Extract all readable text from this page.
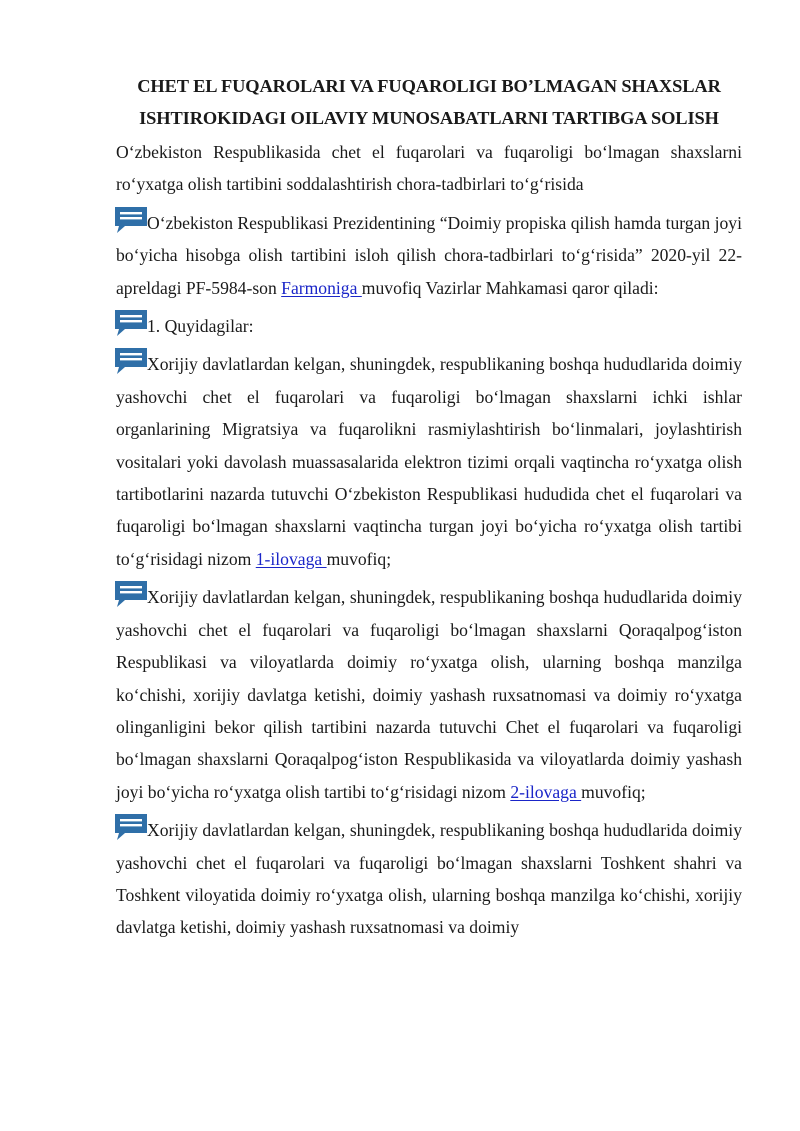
CHET EL FUQAROLARI VA FUQAROLIGI BO’LMAGAN SHAXSLAR
ISHTIROKIDAGI OILAVIY MUNOSABATLARNI TARTIBGA SOLISH

O‘zbekiston Respublikasida chet el fuqarolari va fuqaroligi bo‘lmagan shaxslarni ro‘yxatga olish tartibini soddalashtirish chora-tadbirlari to‘g‘risida

O‘zbekiston Respublikasi Prezidentining “Doimiy propiska qilish hamda turgan joyi bo‘yicha hisobga olish tartibini isloh qilish chora-tadbirlari to‘g‘risida” 2020-yil 22-apreldagi PF-5984-son Farmoniga muvofiq Vazirlar Mahkamasi qaror qiladi:

1. Quyidagilar:

Xorijiy davlatlardan kelgan, shuningdek, respublikaning boshqa hududlarida doimiy yashovchi chet el fuqarolari va fuqaroligi bo‘lmagan shaxslarni ichki ishlar organlarining Migratsiya va fuqarolikni rasmiylashtirish bo‘linmalari, joylashtirish vositalari yoki davolash muassasalarida elektron tizimi orqali vaqtincha ro‘yxatga olish tartibotlarini nazarda tutuvchi O‘zbekiston Respublikasi hududida chet el fuqarolari va fuqaroligi bo‘lmagan shaxslarni vaqtincha turgan joyi bo‘yicha ro‘yxatga olish tartibi to‘g‘risidagi nizom 1-ilovaga muvofiq;

Xorijiy davlatlardan kelgan, shuningdek, respublikaning boshqa hududlarida doimiy yashovchi chet el fuqarolari va fuqaroligi bo‘lmagan shaxslarni Qoraqalpog‘iston Respublikasi va viloyatlarda doimiy ro‘yxatga olish, ularning boshqa manzilga ko‘chishi, xorijiy davlatga ketishi, doimiy yashash ruxsatnomasi va doimiy ro‘yxatga olinganligini bekor qilish tartibini nazarda tutuvchi Chet el fuqarolari va fuqaroligi bo‘lmagan shaxslarni Qoraqalpog‘iston Respublikasida va viloyatlarda doimiy yashash joyi bo‘yicha ro‘yxatga olish tartibi to‘g‘risidagi nizom 2-ilovaga muvofiq;

Xorijiy davlatlardan kelgan, shuningdek, respublikaning boshqa hududlarida doimiy yashovchi chet el fuqarolari va fuqaroligi bo‘lmagan shaxslarni Toshkent shahri va Toshkent viloyatida doimiy ro‘yxatga olish, ularning boshqa manzilga ko‘chishi, xorijiy davlatga ketishi, doimiy yashash ruxsatnomasi va doimiy
